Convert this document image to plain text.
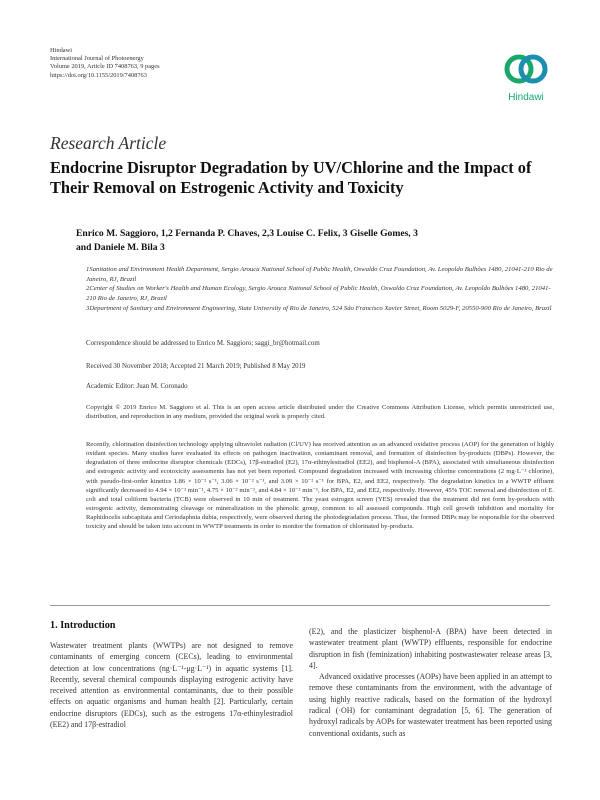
Hindawi
International Journal of Photoenergy
Volume 2019, Article ID 7408763, 9 pages
https://doi.org/10.1155/2019/7408763
Hindawi
Research Article
Endocrine Disruptor Degradation by UV/Chlorine and the Impact of Their Removal on Estrogenic Activity and Toxicity
Enrico M. Saggioro, 1,2 Fernanda P. Chaves, 2,3 Louise C. Felix, 3 Giselle Gomes, 3
and Daniele M. Bila 3

1Sanitation and Environment Health Department, Sergio Arouca National School of Public Health, Oswaldo Cruz Foundation, Av. Leopoldo Bulhões 1480, 21041-210 Rio de Janeiro, RJ, Brazil

2Center of Studies on Worker's Health and Human Ecology, Sergio Arouca National School of Public Health, Oswaldo Cruz Foundation, Av. Leopoldo Bulhões 1480, 21041-210 Rio de Janeiro, RJ, Brazil

3Department of Sanitary and Environment Engineering, State University of Rio de Janeiro, 524 São Francisco Xavier Street, Room 5029-F, 20550-900 Rio de Janeiro, Brazil

Correspondence should be addressed to Enrico M. Saggioro; saggi_br@hotmail.com
Received 30 November 2018; Accepted 21 March 2019; Published 8 May 2019
Academic Editor: Juan M. Coronado
Copyright © 2019 Enrico M. Saggioro et al. This is an open access article distributed under the Creative Commons Attribution License, which permits unrestricted use, distribution, and reproduction in any medium, provided the original work is properly cited.
Recently, chlorination disinfection technology applying ultraviolet radiation (Cl/UV) has received attention as an advanced oxidative process (AOP) for the generation of highly oxidant species. Many studies have evaluated its effects on pathogen inactivation, contaminant removal, and formation of disinfection by-products (DBPs). However, the degradation of three endocrine disruptor chemicals (EDCs), 17β-estradiol (E2), 17α-ethinylestradiol (EE2), and bisphenol-A (BPA), associated with simultaneous disinfection and estrogenic activity and ecotoxicity assessments has not yet been reported. Compound degradation increased with increasing chlorine concentrations (2 mg·L⁻¹ chlorine), with pseudo-first-order kinetics 1.86 × 10⁻² s⁻¹, 3.06 × 10⁻² s⁻¹, and 3.09 × 10⁻² s⁻¹ for BPA, E2, and EE2, respectively. The degradation kinetics in a WWTP effluent significantly decreased to 4.94 × 10⁻² min⁻¹, 4.75 × 10⁻² min⁻¹, and 4.84 × 10⁻² min⁻¹, for BPA, E2, and EE2, respectively. However, 45% TOC removal and disinfection of E. coli and total coliform bacteria (TCB) were observed in 10 min of treatment. The yeast estrogen screen (YES) revealed that the treatment did not form by-products with estrogenic activity, demonstrating cleavage or mineralization in the phenolic group, common to all assessed compounds. High cell growth inhibition and mortality for Raphidocelis subcapitata and Ceriodaphnia dubia, respectively, were observed during the photodegradation process. Thus, the formed DBPs may be responsible for the observed toxicity and should be taken into account in WWTP treatments in order to monitor the formation of chlorinated by-products.
1. Introduction

Wastewater treatment plants (WWTPs) are not designed to remove contaminants of emerging concern (CECs), leading to environmental detection at low concentrations (ng·L⁻¹-μg·L⁻¹) in aquatic systems [1]. Recently, several chemical compounds displaying estrogenic activity have received attention as environmental contaminants, due to their possible effects on aquatic organisms and human health [2]. Particularly, certain endocrine disruptors (EDCs), such as the estrogens 17α-ethinylestradiol (EE2) and 17β-estradiol

(E2), and the plasticizer bisphenol-A (BPA) have been detected in wastewater treatment plant (WWTP) effluents, responsible for endocrine disruption in fish (feminization) inhabiting postwastewater release areas [3, 4].

Advanced oxidative processes (AOPs) have been applied in an attempt to remove these contaminants from the environment, with the advantage of using highly reactive radicals, based on the formation of the hydroxyl radical (·OH) for contaminant degradation [5, 6]. The generation of hydroxyl radicals by AOPs for wastewater treatment has been reported using conventional oxidants, such as
